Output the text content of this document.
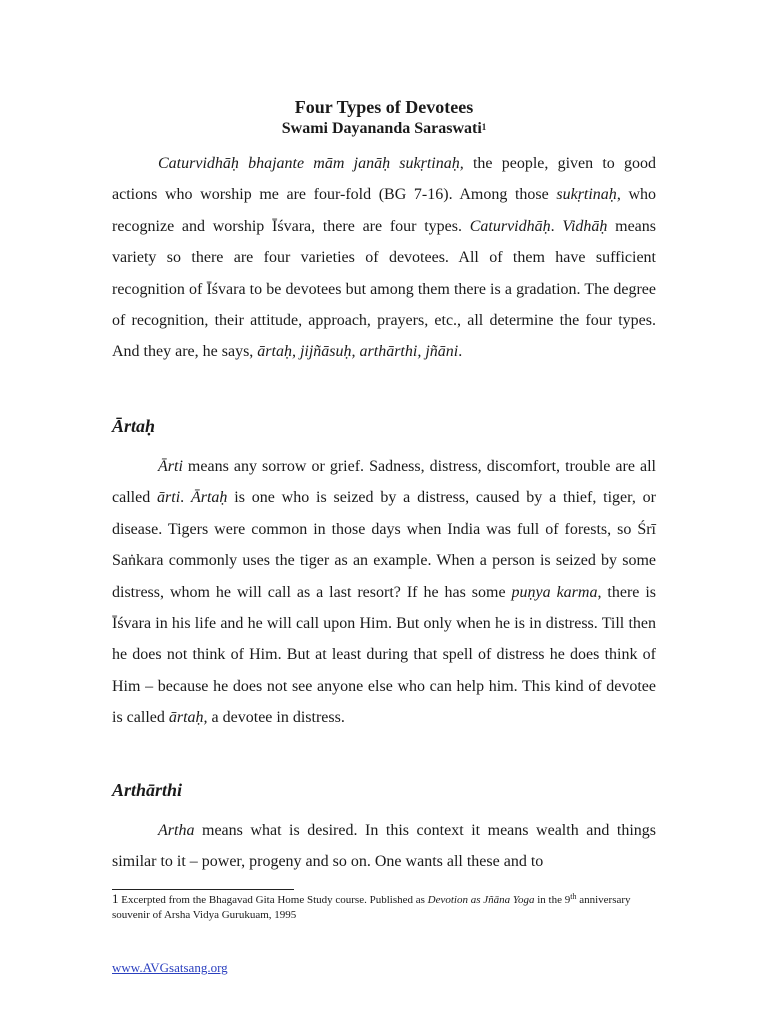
Four Types of Devotees
Swami Dayananda Saraswati$^1$

Caturvidhāḥ bhajante mām janāḥ sukṛtinaḥ, the people, given to good actions who worship me are four-fold (BG 7-16). Among those sukṛtinaḥ, who recognize and worship Īśvara, there are four types. Caturvidhāḥ. Vidhāḥ means variety so there are four varieties of devotees. All of them have sufficient recognition of Īśvara to be devotees but among them there is a gradation. The degree of recognition, their attitude, approach, prayers, etc., all determine the four types. And they are, he says, ārtaḥ, jijñāsuḥ, arthārthi, jñāni.

Ārtaḥ

Ārti means any sorrow or grief. Sadness, distress, discomfort, trouble are all called ārti. Ārtaḥ is one who is seized by a distress, caused by a thief, tiger, or disease. Tigers were common in those days when India was full of forests, so Śrī Saṅkara commonly uses the tiger as an example. When a person is seized by some distress, whom he will call as a last resort? If he has some puṇya karma, there is Īśvara in his life and he will call upon Him. But only when he is in distress. Till then he does not think of Him. But at least during that spell of distress he does think of Him – because he does not see anyone else who can help him. This kind of devotee is called ārtaḥ, a devotee in distress.

Arthārthi

Artha means what is desired. In this context it means wealth and things similar to it – power, progeny and so on. One wants all these and to

1 Excerpted from the Bhagavad Gita Home Study course. Published as Devotion as Jñāna Yoga in the 9th anniversary souvenir of Arsha Vidya Gurukuam, 1995
www.AVGsatsang.org
